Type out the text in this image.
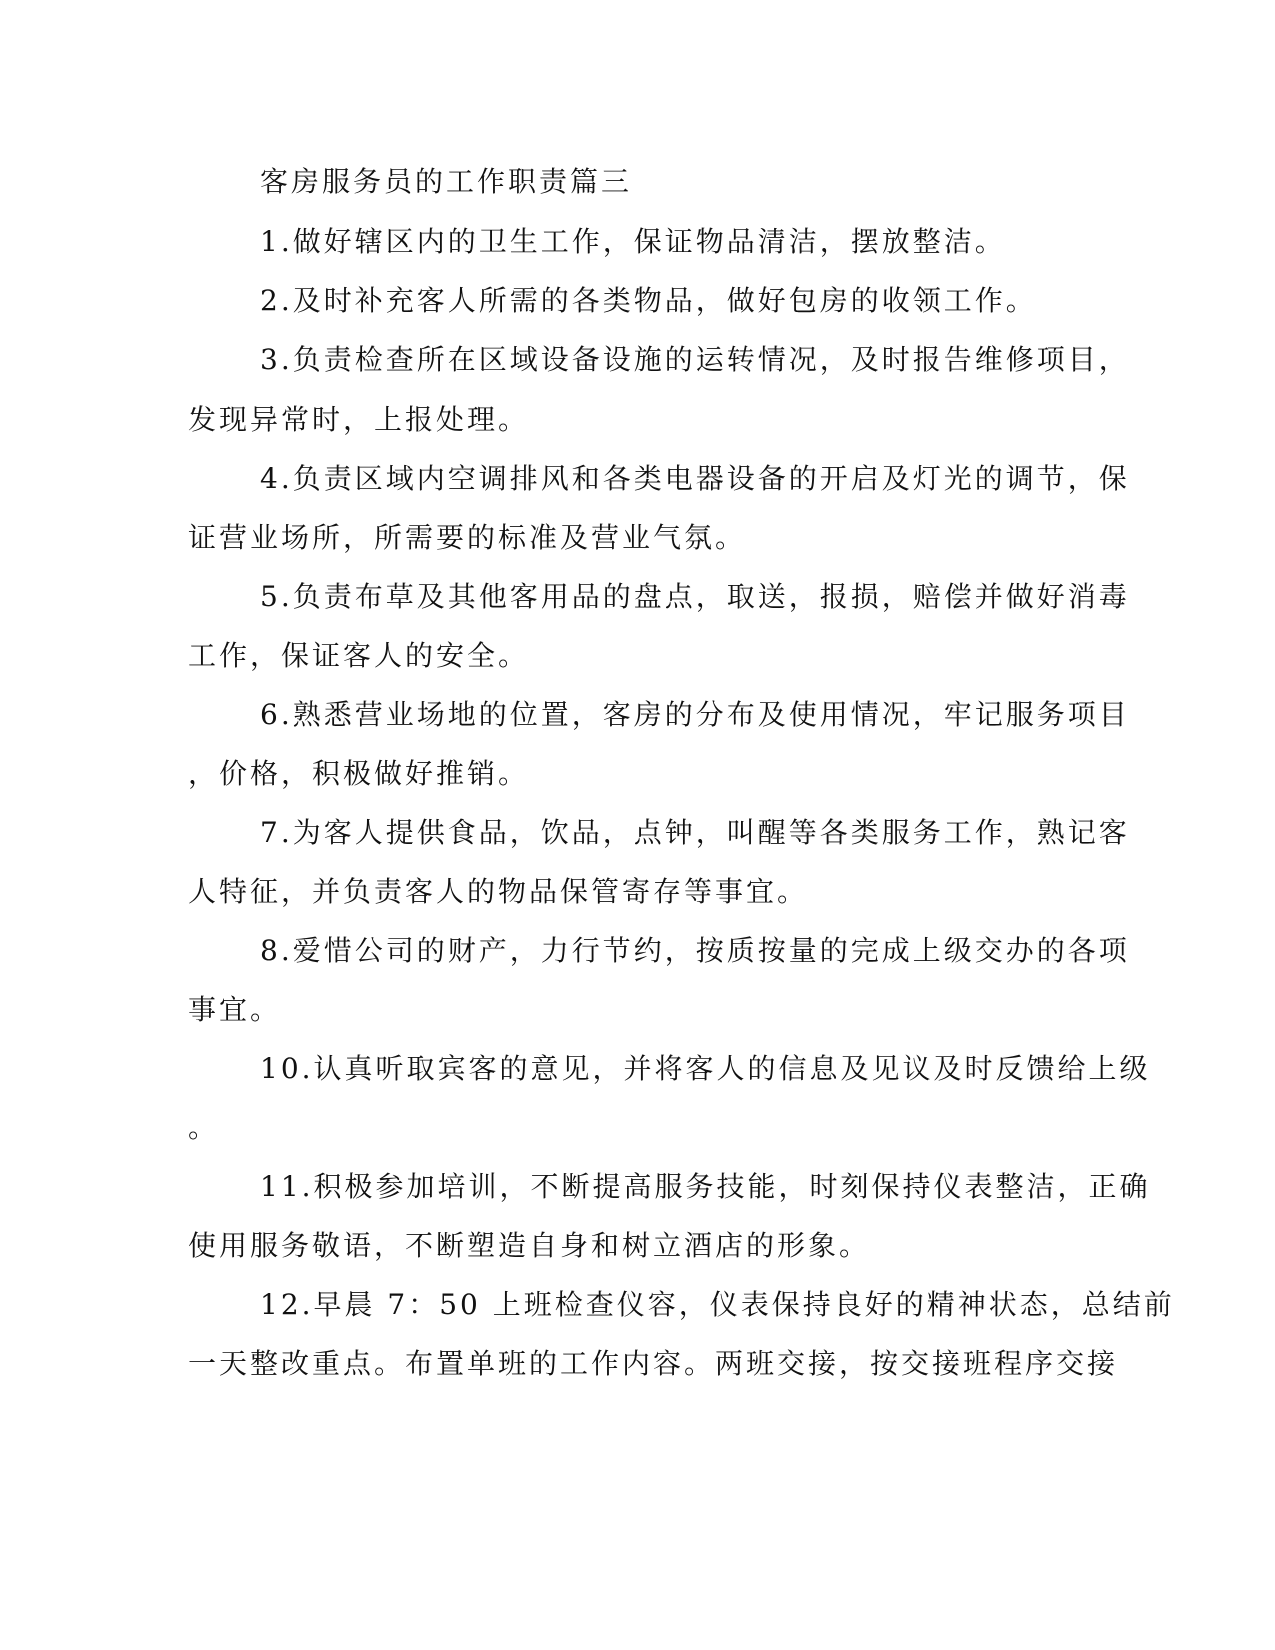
客房服务员的工作职责篇三
1.做好辖区内的卫生工作，保证物品清洁，摆放整洁。
2.及时补充客人所需的各类物品，做好包房的收领工作。
3.负责检查所在区域设备设施的运转情况，及时报告维修项目，
发现异常时，上报处理。
4.负责区域内空调排风和各类电器设备的开启及灯光的调节，保
证营业场所，所需要的标准及营业气氛。
5.负责布草及其他客用品的盘点，取送，报损，赔偿并做好消毒
工作，保证客人的安全。
6.熟悉营业场地的位置，客房的分布及使用情况，牢记服务项目
，价格，积极做好推销。
7.为客人提供食品，饮品，点钟，叫醒等各类服务工作，熟记客
人特征，并负责客人的物品保管寄存等事宜。
8.爱惜公司的财产，力行节约，按质按量的完成上级交办的各项
事宜。
10.认真听取宾客的意见，并将客人的信息及见议及时反馈给上级
。
11.积极参加培训，不断提高服务技能，时刻保持仪表整洁，正确
使用服务敬语，不断塑造自身和树立酒店的形象。
12.早晨 7：50 上班检查仪容，仪表保持良好的精神状态，总结前
一天整改重点。布置单班的工作内容。两班交接，按交接班程序交接
